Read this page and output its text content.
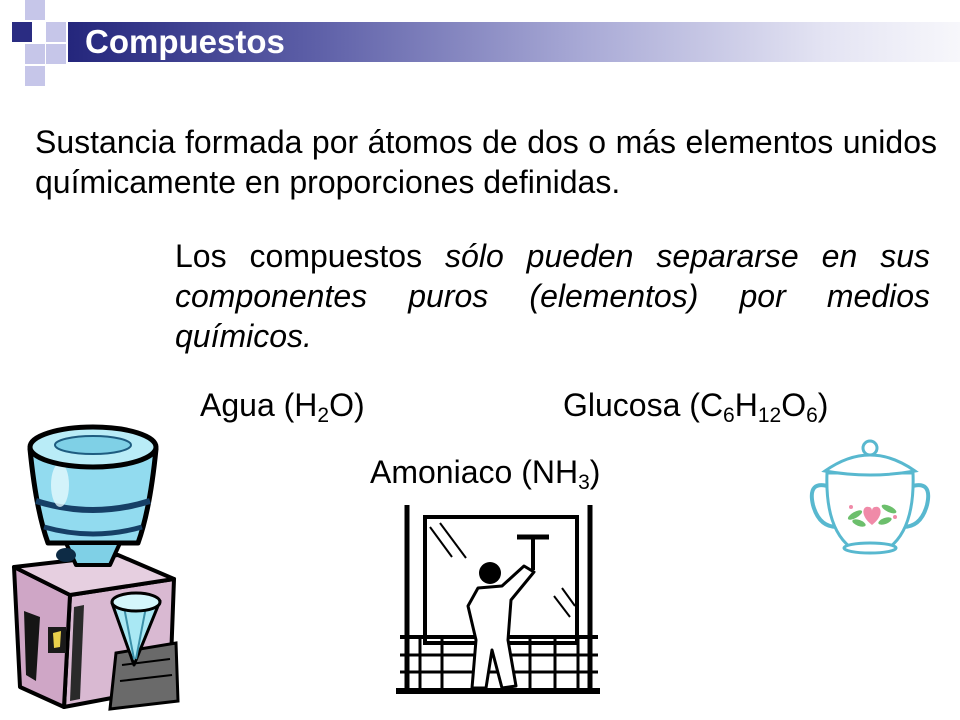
Compuestos

Sustancia formada por átomos de dos o más elementos unidos químicamente en proporciones definidas.

Los compuestos sólo pueden separarse en sus componentes puros (elementos) por medios químicos.

Agua $(H_2O)$	Glucosa $(C_6H_{12}O_6)$
Amoniaco $(NH_3)$
